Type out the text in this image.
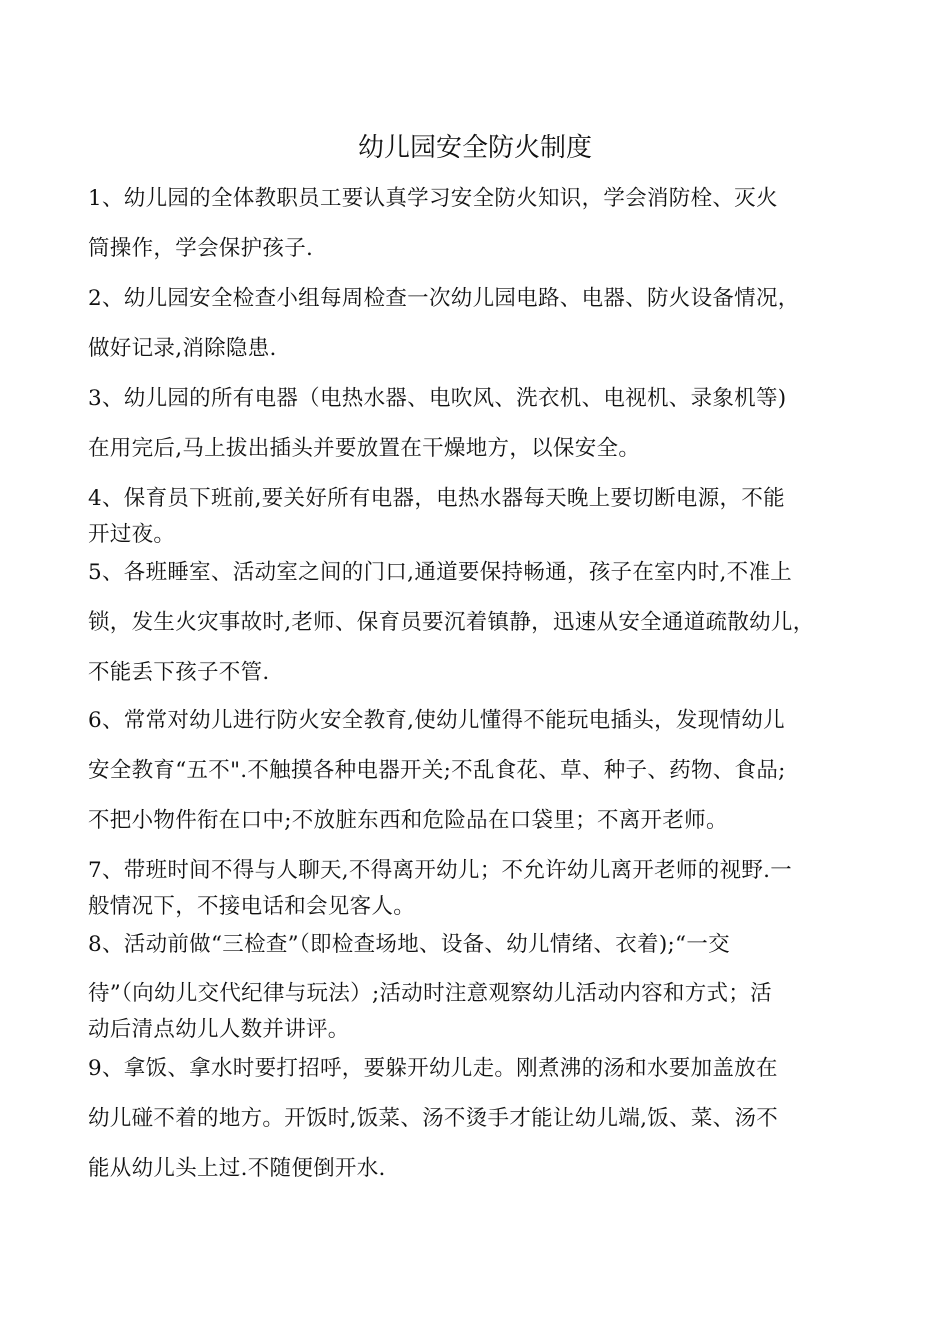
幼儿园安全防火制度

1、幼儿园的全体教职员工要认真学习安全防火知识，学会消防栓、灭火
筒操作，学会保护孩子.

2、幼儿园安全检查小组每周检查一次幼儿园电路、电器、防火设备情况，
做好记录,消除隐患.

3、幼儿园的所有电器（电热水器、电吹风、洗衣机、电视机、录象机等)
在用完后,马上拔出插头并要放置在干燥地方，以保安全。

4、保育员下班前,要关好所有电器，电热水器每天晚上要切断电源，不能
开过夜。

5、各班睡室、活动室之间的门口,通道要保持畅通，孩子在室内时,不准上
锁，发生火灾事故时,老师、保育员要沉着镇静，迅速从安全通道疏散幼儿，
不能丢下孩子不管.

6、常常对幼儿进行防火安全教育,使幼儿懂得不能玩电插头，发现情幼儿
安全教育“五不".不触摸各种电器开关;不乱食花、草、种子、药物、食品;
不把小物件衔在口中;不放脏东西和危险品在口袋里；不离开老师。

7、带班时间不得与人聊天,不得离开幼儿；不允许幼儿离开老师的视野.一
般情况下，不接电话和会见客人。

8、活动前做“三检查”（即检查场地、设备、幼儿情绪、衣着);“一交
待”（向幼儿交代纪律与玩法）;活动时注意观察幼儿活动内容和方式；活
动后清点幼儿人数并讲评。

9、拿饭、拿水时要打招呼，要躲开幼儿走。刚煮沸的汤和水要加盖放在
幼儿碰不着的地方。开饭时,饭菜、汤不烫手才能让幼儿端,饭、菜、汤不
能从幼儿头上过.不随便倒开水.
